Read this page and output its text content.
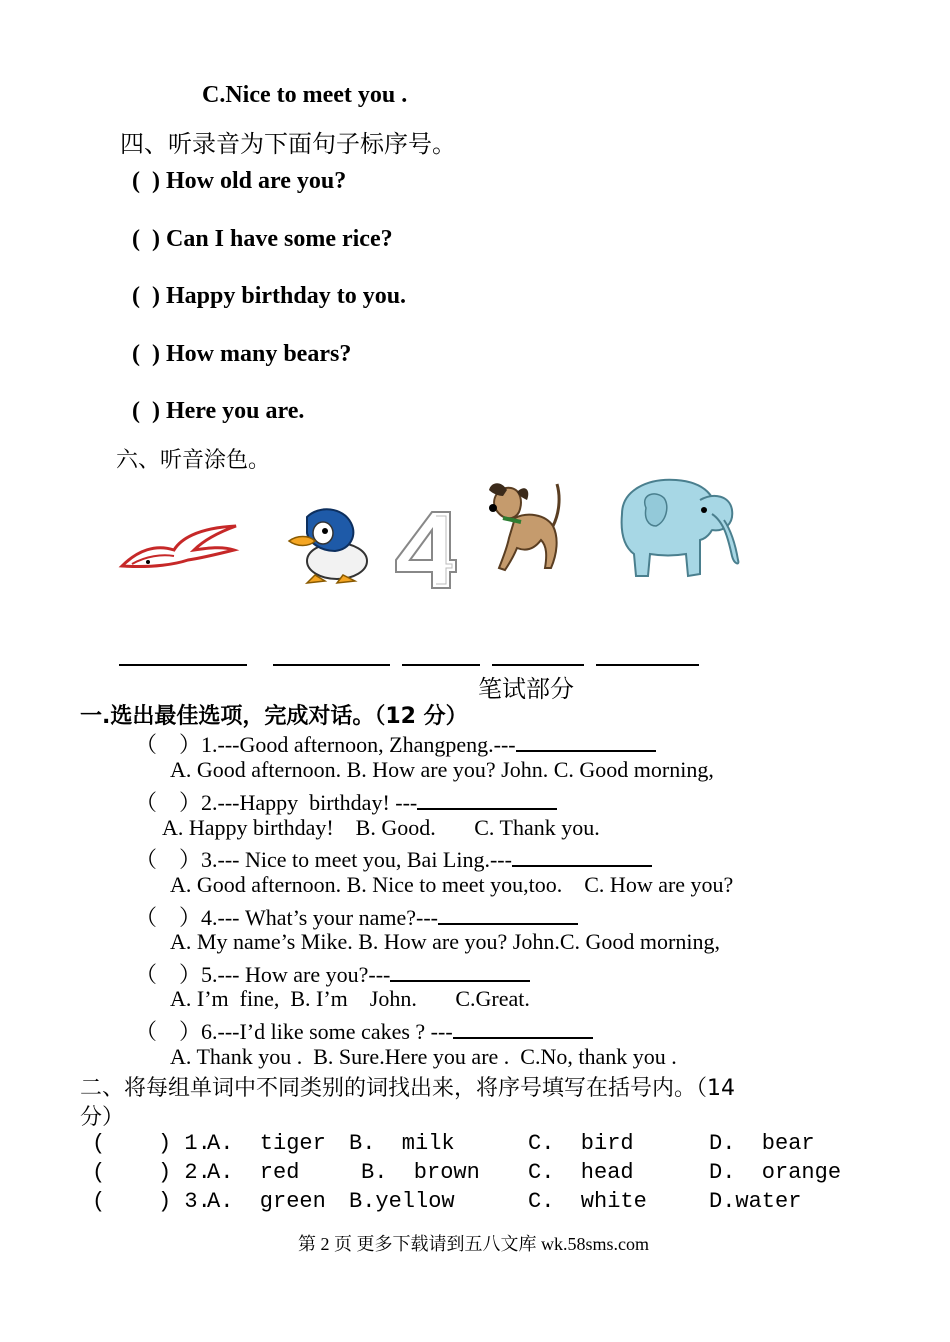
C.Nice to meet you .
四、听录音为下面句子标序号。
(  ) How old are you?
(  ) Can I have some rice?
(  ) Happy birthday to you.
(  ) How many bears?
(  ) Here you are.
六、听音涂色。
笔试部分
一.选出最佳选项，完成对话。（12 分）
（    ）1.---Good afternoon, Zhangpeng.---
A. Good afternoon. B. How are you? John. C. Good morning,
（    ）2.---Happy  birthday! ---
A. Happy birthday!    B. Good.       C. Thank you.
（    ）3.--- Nice to meet you, Bai Ling.---
A. Good afternoon. B. Nice to meet you,too.    C. How are you?
（    ）4.--- What’s your name?---
A. My name’s Mike. B. How are you? John.C. Good morning,
（    ）5.--- How are you?---
A. I’m  fine,  B. I’m    John.       C.Great.
（    ）6.---I’d like some cakes ? ---
A. Thank you .  B. Sure.Here you are .  C.No, thank you .
二、将每组单词中不同类别的词找出来，将序号填写在括号内。（14
分）
(    ) 1.
A.  tiger B.  milk	C.  bird	D.  bear
(    ) 2.
A.  red	B.  brown C.  head	D.  orange
(    ) 3.
A.  green B.yellow	C.  white	D.water
第 2 页 更多下载请到五八文库 wk.58sms.com
